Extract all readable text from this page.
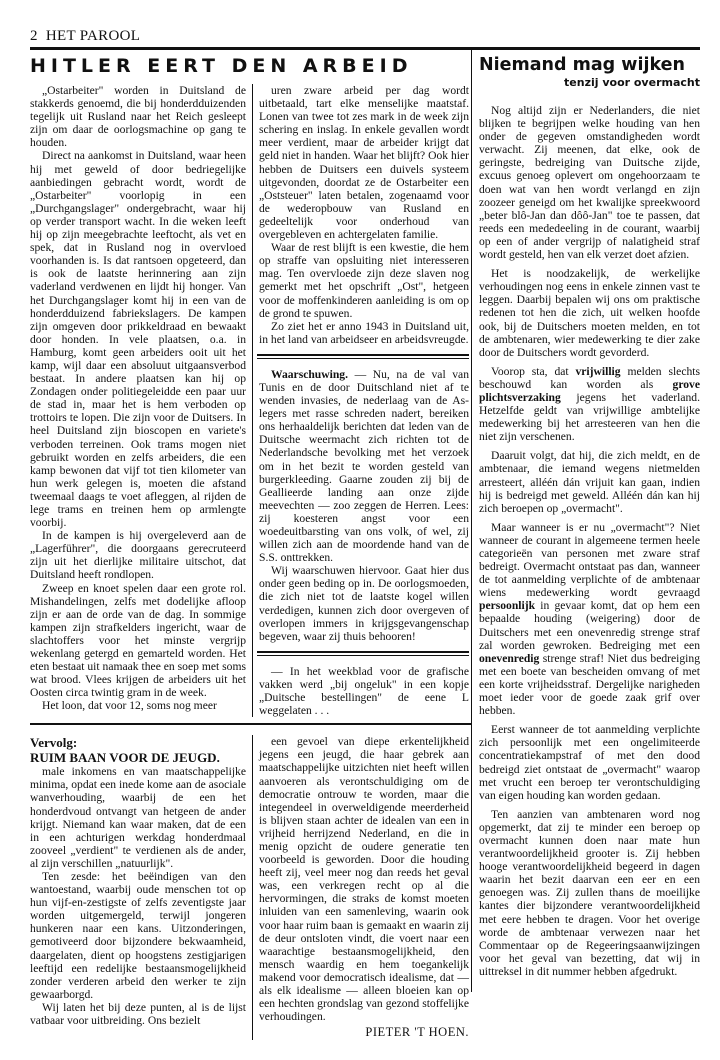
2 HET PAROOL
HITLER EERT DEN ARBEID

„Ostarbeiter" worden in Duitsland de stakkerds genoemd, die bij honderdduizenden tegelijk uit Rusland naar het Reich gesleept zijn om daar de oorlogsmachine op gang te houden.

Direct na aankomst in Duitsland, waar heen hij met geweld of door bedriegelijke aanbiedingen gebracht wordt, wordt de „Ostarbeiter" voorlopig in een „Durchgangslager" ondergebracht, waar hij op verder transport wacht. In die weken leeft hij op zijn meegebrachte leeftocht, als vet en spek, dat in Rusland nog in overvloed voorhanden is. Is dat rantsoen opgeteerd, dan is ook de laatste herinnering aan zijn vaderland verdwenen en lijdt hij honger. Van het Durchgangslager komt hij in een van de honderdduizend fabriekslagers. De kampen zijn omgeven door prikkeldraad en bewaakt door honden. In vele plaatsen, o.a. in Hamburg, komt geen arbeiders ooit uit het kamp, wijl daar een absoluut uitgaansverbod bestaat. In andere plaatsen kan hij op Zondagen onder politiegeleidde een paar uur de stad in, maar het is hem verboden op trottoirs te lopen. Die zijn voor de Duitsers. In heel Duitsland zijn bioscopen en variete's verboden terreinen. Ook trams mogen niet gebruikt worden en zelfs arbeiders, die een kamp bewonen dat vijf tot tien kilometer van hun werk gelegen is, moeten die afstand tweemaal daags te voet afleggen, al rijden de lege trams en treinen hem op armlengte voorbij.

In de kampen is hij overgeleverd aan de „Lagerführer", die doorgaans gerecruteerd zijn uit het dierlijke militaire uitschot, dat Duitsland heeft rondlopen.

Zweep en knoet spelen daar een grote rol. Mishandelingen, zelfs met dodelijke afloop zijn er aan de orde van de dag. In sommige kampen zijn strafkelders ingericht, waar de slachtoffers voor het minste vergrijp wekenlang getergd en gemarteld worden. Het eten bestaat uit namaak thee en soep met soms wat brood. Vlees krijgen de arbeiders uit het Oosten circa twintig gram in de week.

Het loon, dat voor 12, soms nog meer

uren zware arbeid per dag wordt uitbetaald, tart elke menselijke maatstaf. Lonen van twee tot zes mark in de week zijn schering en inslag. In enkele gevallen wordt meer verdient, maar de arbeider krijgt dat geld niet in handen. Waar het blijft? Ook hier hebben de Duitsers een duivels systeem uitgevonden, doordat ze de Ostarbeiter een „Oststeuer" laten betalen, zogenaamd voor de wederopbouw van Rusland en gedeeltelijk voor onderhoud van overgebleven en achtergelaten familie.

Waar de rest blijft is een kwestie, die hem op straffe van opsluiting niet interesseren mag. Ten overvloede zijn deze slaven nog gemerkt met het opschrift „Ost", hetgeen voor de moffenkinderen aanleiding is om op de grond te spuwen.

Zo ziet het er anno 1943 in Duitsland uit, in het land van arbeidseer en arbeidsvreugde.

Waarschuwing. — Nu, na de val van Tunis en de door Duitschland niet af te wenden invasies, de nederlaag van de As-legers met rasse schreden nadert, bereiken ons herhaaldelijk berichten dat leden van de Duitsche weermacht zich richten tot de Nederlandsche bevolking met het verzoek om in het bezit te worden gesteld van burgerkleeding. Gaarne zouden zij bij de Geallieerde landing aan onze zijde meevechten — zoo zeggen de Herren. Lees: zij koesteren angst voor een woedeuitbarsting van ons volk, of wel, zij willen zich aan de moordende hand van de S.S. onttrekken.

Wij waarschuwen hiervoor. Gaat hier dus onder geen beding op in. De oorlogsmoeden, die zich niet tot de laatste kogel willen verdedigen, kunnen zich door overgeven of overlopen immers in krijgsgevangenschap begeven, waar zij thuis behooren!

— In het weekblad voor de grafische vakken werd „bij ongeluk" in een kopje „Duitsche bestellingen" de eene L weggelaten . . .

Vervolg:
RUIM BAAN VOOR DE JEUGD.

male inkomens en van maatschappelijke minima, opdat een inede kome aan de asociale wanverhouding, waarbij de een het honderdvoud ontvangt van hetgeen de ander krijgt. Niemand kan waar maken, dat de een in een achturigen werkdag honderdmaal zooveel „verdient" te verdienen als de ander, al zijn verschillen „natuurlijk".

Ten zesde: het beëindigen van den wantoestand, waarbij oude menschen tot op hun vijf-en-zestigste of zelfs zeventigste jaar worden uitgemergeld, terwijl jongeren hunkeren naar een kans. Uitzonderingen, gemotiveerd door bijzondere bekwaamheid, daargelaten, dient op hoogstens zestigjarigen leeftijd een redelijke bestaansmogelijkheid zonder verderen arbeid den werker te zijn gewaarborgd.

Wij laten het bij deze punten, al is de lijst vatbaar voor uitbreiding. Ons bezielt

een gevoel van diepe erkentelijkheid jegens een jeugd, die haar gebrek aan maatschappelijke uitzichten niet heeft willen aanvoeren als verontschuldiging om de democratie ontrouw te worden, maar die integendeel in overweldigende meerderheid is blijven staan achter de idealen van een in vrijheid herrijzend Nederland, en die in menig opzicht de oudere generatie ten voorbeeld is geworden. Door die houding heeft zij, veel meer nog dan reeds het geval was, een verkregen recht op al die hervormingen, die straks de komst moeten inluiden van een samenleving, waarin ook voor haar ruim baan is gemaakt en waarin zij de deur ontsloten vindt, die voert naar een waarachtige bestaansmogelijkheid, den mensch waardig en hem toegankelijk makend voor democratisch idealisme, dat — als elk idealisme — alleen bloeien kan op een hechten grondslag van gezond stoffelijke verhoudingen.

PIETER 'T HOEN.
Niemand mag wijken
tenzij voor overmacht

Nog altijd zijn er Nederlanders, die niet blijken te begrijpen welke houding van hen onder de gegeven omstandigheden wordt verwacht. Zij meenen, dat elke, ook de geringste, bedreiging van Duitsche zijde, excuus genoeg oplevert om ongehoorzaam te doen wat van hen wordt verlangd en zijn zoozeer geneigd om het kwalijke spreekwoord „beter blô-Jan dan dôô-Jan" toe te passen, dat reeds een mededeeling in de courant, waarbij op een of ander vergrijp of nalatigheid straf wordt gesteld, hen van elk verzet doet afzien.

Het is noodzakelijk, de werkelijke verhoudingen nog eens in enkele zinnen vast te leggen. Daarbij bepalen wij ons om praktische redenen tot hen die zich, uit welken hoofde ook, bij de Duitschers moeten melden, en tot de ambtenaren, wier medewerking te dier zake door de Duitschers wordt gevorderd.

Voorop sta, dat vrijwillig melden slechts beschouwd kan worden als grove plichtsverzaking jegens het vaderland. Hetzelfde geldt van vrijwillige ambtelijke medewerking bij het arresteeren van hen die niet zijn verschenen.

Daaruit volgt, dat hij, die zich meldt, en de ambtenaar, die iemand wegens nietmelden arresteert, alléén dán vrijuit kan gaan, indien hij is bedreigd met geweld. Alléén dán kan hij zich beroepen op „overmacht".

Maar wanneer is er nu „overmacht"? Niet wanneer de courant in algemeene termen heele categorieën van personen met zware straf bedreigt. Overmacht ontstaat pas dan, wanneer de tot aanmelding verplichte of de ambtenaar wiens medewerking wordt gevraagd persoonlijk in gevaar komt, dat op hem een bepaalde houding (weigering) door de Duitschers met een onevenredig strenge straf zal worden gewroken. Bedreiging met een onevenredig strenge straf! Niet dus bedreiging met een boete van bescheiden omvang of met een korte vrijheidsstraf. Dergelijke narigheden moet ieder voor de goede zaak grif over hebben.

Eerst wanneer de tot aanmelding verplichte zich persoonlijk met een ongelimiteerde concentratiekampstraf of met den dood bedreigd ziet ontstaat de „overmacht" waarop met vrucht een beroep ter verontschuldiging van eigen houding kan worden gedaan.

Ten aanzien van ambtenaren word nog opgemerkt, dat zij te minder een beroep op overmacht kunnen doen naar mate hun verantwoordelijkheid grooter is. Zij hebben hooge verantwoordelijkheid begeerd in dagen waarin het bezit daarvan een eer en een genoegen was. Zij zullen thans de moeilijke kantes dier bijzondere verantwoordelijkheid met eere hebben te dragen. Voor het overige worde de ambtenaar verwezen naar het Commentaar op de Regeeringsaanwijzingen voor het geval van bezetting, dat wij in uittreksel in dit nummer hebben afgedrukt.
